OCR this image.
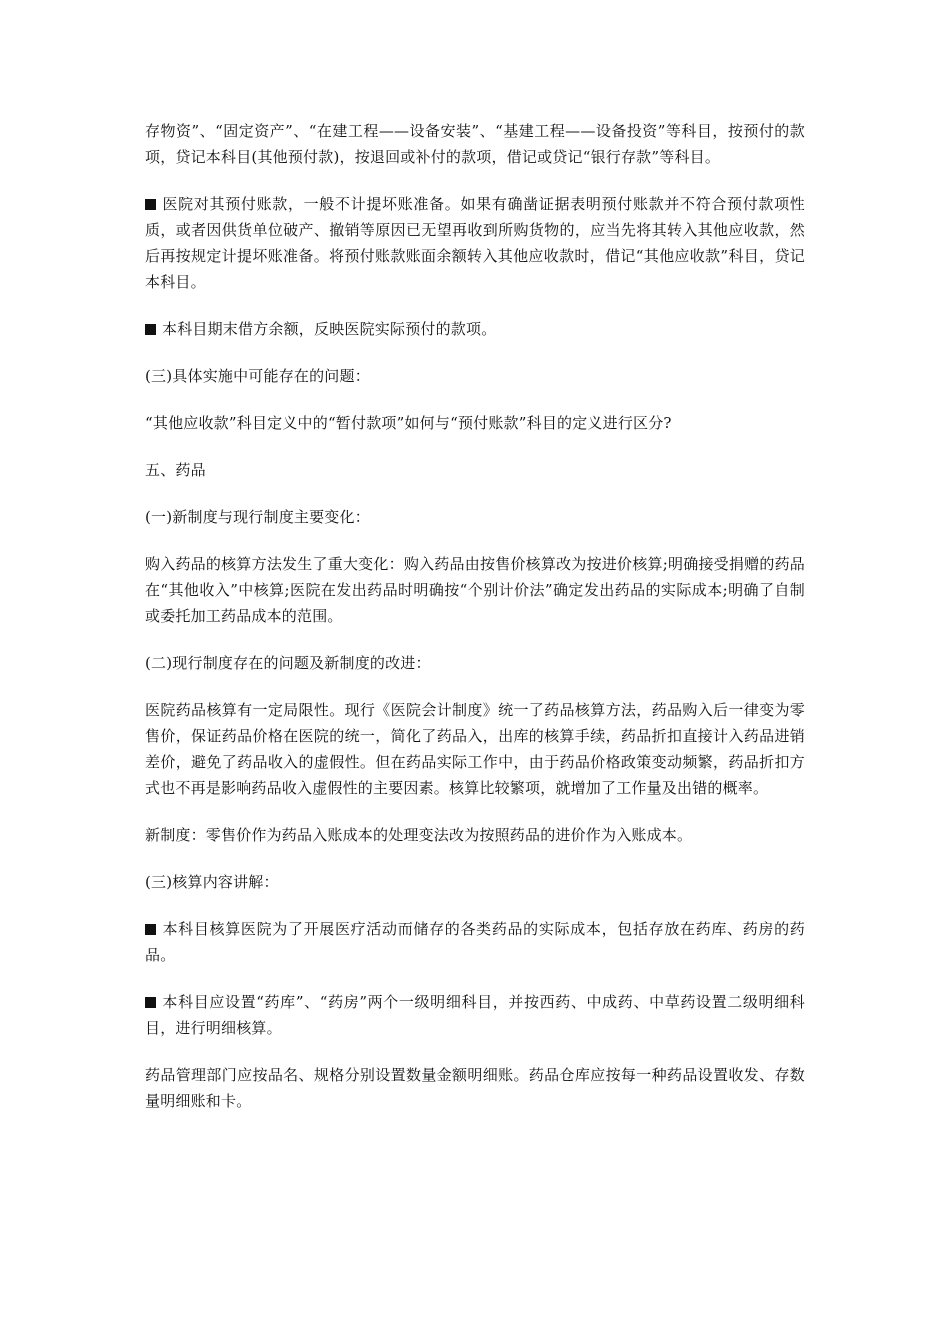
存物资”、“固定资产”、“在建工程——设备安装”、“基建工程——设备投资”等科目，按预付的款项，贷记本科目(其他预付款)，按退回或补付的款项，借记或贷记“银行存款”等科目。

医院对其预付账款，一般不计提坏账准备。如果有确凿证据表明预付账款并不符合预付款项性质，或者因供货单位破产、撤销等原因已无望再收到所购货物的，应当先将其转入其他应收款，然后再按规定计提坏账准备。将预付账款账面余额转入其他应收款时，借记“其他应收款”科目，贷记本科目。

本科目期末借方余额，反映医院实际预付的款项。

(三)具体实施中可能存在的问题：

“其他应收款”科目定义中的“暂付款项”如何与“预付账款”科目的定义进行区分?

五、药品

(一)新制度与现行制度主要变化：

购入药品的核算方法发生了重大变化：购入药品由按售价核算改为按进价核算;明确接受捐赠的药品在“其他收入”中核算;医院在发出药品时明确按“个别计价法”确定发出药品的实际成本;明确了自制或委托加工药品成本的范围。

(二)现行制度存在的问题及新制度的改进：

医院药品核算有一定局限性。现行《医院会计制度》统一了药品核算方法，药品购入后一律变为零售价，保证药品价格在医院的统一，简化了药品入，出库的核算手续，药品折扣直接计入药品进销差价，避免了药品收入的虚假性。但在药品实际工作中，由于药品价格政策变动频繁，药品折扣方式也不再是影响药品收入虚假性的主要因素。核算比较繁项，就增加了工作量及出错的概率。

新制度：零售价作为药品入账成本的处理变法改为按照药品的进价作为入账成本。

(三)核算内容讲解：

本科目核算医院为了开展医疗活动而储存的各类药品的实际成本，包括存放在药库、药房的药品。

本科目应设置“药库”、“药房”两个一级明细科目，并按西药、中成药、中草药设置二级明细科目，进行明细核算。

药品管理部门应按品名、规格分别设置数量金额明细账。药品仓库应按每一种药品设置收发、存数量明细账和卡。
